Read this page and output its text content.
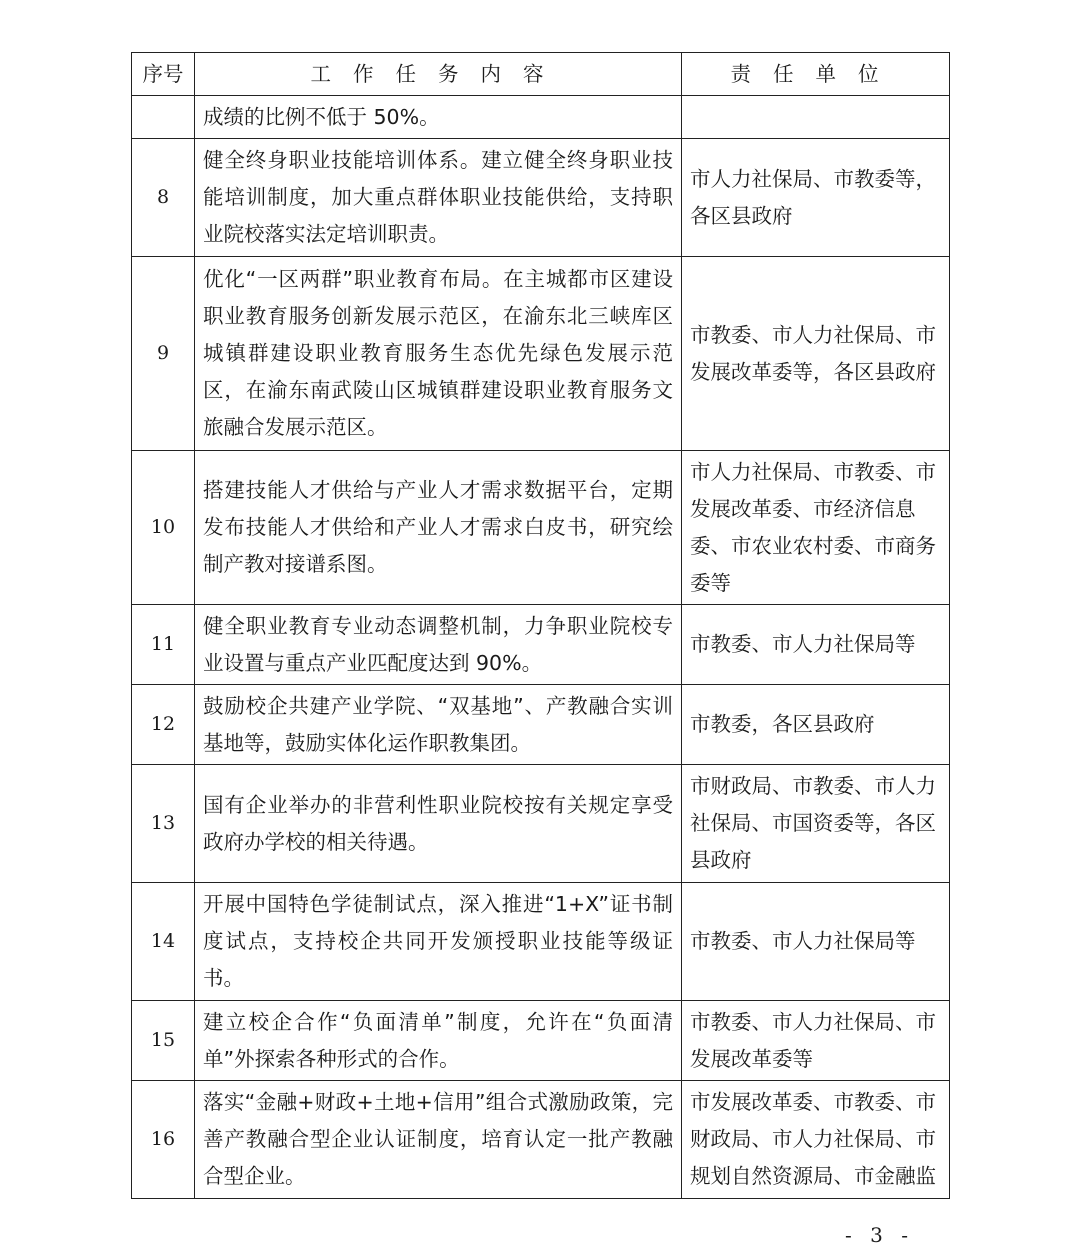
序号	工作任务内容	责任单位
	成绩的比例不低于 50%。	
8	健全终身职业技能培训体系。建立健全终身职业技能培训制度，加大重点群体职业技能供给，支持职业院校落实法定培训职责。	市人力社保局、市教委等，各区县政府
9	优化“一区两群”职业教育布局。在主城都市区建设职业教育服务创新发展示范区，在渝东北三峡库区城镇群建设职业教育服务生态优先绿色发展示范区，在渝东南武陵山区城镇群建设职业教育服务文旅融合发展示范区。	市教委、市人力社保局、市发展改革委等，各区县政府
10	搭建技能人才供给与产业人才需求数据平台，定期发布技能人才供给和产业人才需求白皮书，研究绘制产教对接谱系图。	市人力社保局、市教委、市发展改革委、市经济信息委、市农业农村委、市商务委等
11	健全职业教育专业动态调整机制，力争职业院校专业设置与重点产业匹配度达到 90%。	市教委、市人力社保局等
12	鼓励校企共建产业学院、“双基地”、产教融合实训基地等，鼓励实体化运作职教集团。	市教委，各区县政府
13	国有企业举办的非营利性职业院校按有关规定享受政府办学校的相关待遇。	市财政局、市教委、市人力社保局、市国资委等，各区县政府
14	开展中国特色学徒制试点，深入推进“1+X”证书制度试点，支持校企共同开发颁授职业技能等级证书。	市教委、市人力社保局等
15	建立校企合作“负面清单”制度，允许在“负面清单”外探索各种形式的合作。	市教委、市人力社保局、市发展改革委等
16	落实“金融+财政+土地+信用”组合式激励政策，完善产教融合型企业认证制度，培育认定一批产教融合型企业。	市发展改革委、市教委、市财政局、市人力社保局、市规划自然资源局、市金融监
- 3 -
